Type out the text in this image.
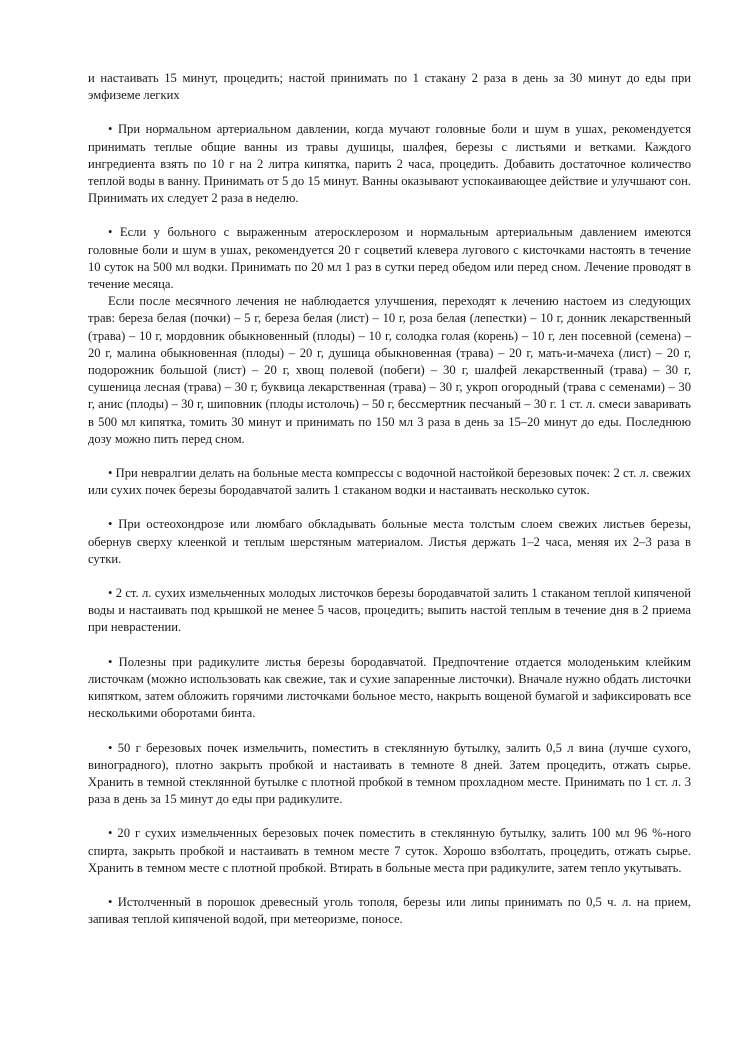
и настаивать 15 минут, процедить; настой принимать по 1 стакану 2 раза в день за 30 минут до еды при эмфиземе легких

• При нормальном артериальном давлении, когда мучают головные боли и шум в ушах, рекомендуется принимать теплые общие ванны из травы душицы, шалфея, березы с листьями и ветками. Каждого ингредиента взять по 10 г на 2 литра кипятка, парить 2 часа, процедить. Добавить достаточное количество теплой воды в ванну. Принимать от 5 до 15 минут. Ванны оказывают успокаивающее действие и улучшают сон. Принимать их следует 2 раза в неделю.

• Если у больного с выраженным атеросклерозом и нормальным артериальным давлением имеются головные боли и шум в ушах, рекомендуется 20 г соцветий клевера лугового с кисточками настоять в течение 10 суток на 500 мл водки. Принимать по 20 мл 1 раз в сутки перед обедом или перед сном. Лечение проводят в течение месяца.

Если после месячного лечения не наблюдается улучшения, переходят к лечению настоем из следующих трав: береза белая (почки) – 5 г, береза белая (лист) – 10 г, роза белая (лепестки) – 10 г, донник лекарственный (трава) – 10 г, мордовник обыкновенный (плоды) – 10 г, солодка голая (корень) – 10 г, лен посевной (семена) – 20 г, малина обыкновенная (плоды) – 20 г, душица обыкновенная (трава) – 20 г, мать-и-мачеха (лист) – 20 г, подорожник большой (лист) – 20 г, хвощ полевой (побеги) – 30 г, шалфей лекарственный (трава) – 30 г, сушеница лесная (трава) – 30 г, буквица лекарственная (трава) – 30 г, укроп огородный (трава с семенами) – 30 г, анис (плоды) – 30 г, шиповник (плоды истолочь) – 50 г, бессмертник песчаный – 30 г. 1 ст. л. смеси заваривать в 500 мл кипятка, томить 30 минут и принимать по 150 мл 3 раза в день за 15–20 минут до еды. Последнюю дозу можно пить перед сном.

• При невралгии делать на больные места компрессы с водочной настойкой березовых почек: 2 ст. л. свежих или сухих почек березы бородавчатой залить 1 стаканом водки и настаивать несколько суток.

• При остеохондрозе или люмбаго обкладывать больные места толстым слоем свежих листьев березы, обернув сверху клеенкой и теплым шерстяным материалом. Листья держать 1–2 часа, меняя их 2–3 раза в сутки.

• 2 ст. л. сухих измельченных молодых листочков березы бородавчатой залить 1 стаканом теплой кипяченой воды и настаивать под крышкой не менее 5 часов, процедить; выпить настой теплым в течение дня в 2 приема при неврастении.

• Полезны при радикулите листья березы бородавчатой. Предпочтение отдается молоденьким клейким листочкам (можно использовать как свежие, так и сухие запаренные листочки). Вначале нужно обдать листочки кипятком, затем обложить горячими листочками больное место, накрыть вощеной бумагой и зафиксировать все несколькими оборотами бинта.

• 50 г березовых почек измельчить, поместить в стеклянную бутылку, залить 0,5 л вина (лучше сухого, виноградного), плотно закрыть пробкой и настаивать в темноте 8 дней. Затем процедить, отжать сырье. Хранить в темной стеклянной бутылке с плотной пробкой в темном прохладном месте. Принимать по 1 ст. л. 3 раза в день за 15 минут до еды при радикулите.

• 20 г сухих измельченных березовых почек поместить в стеклянную бутылку, залить 100 мл 96 %-ного спирта, закрыть пробкой и настаивать в темном месте 7 суток. Хорошо взболтать, процедить, отжать сырье. Хранить в темном месте с плотной пробкой. Втирать в больные места при радикулите, затем тепло укутывать.

• Истолченный в порошок древесный уголь тополя, березы или липы принимать по 0,5 ч. л. на прием, запивая теплой кипяченой водой, при метеоризме, поносе.
